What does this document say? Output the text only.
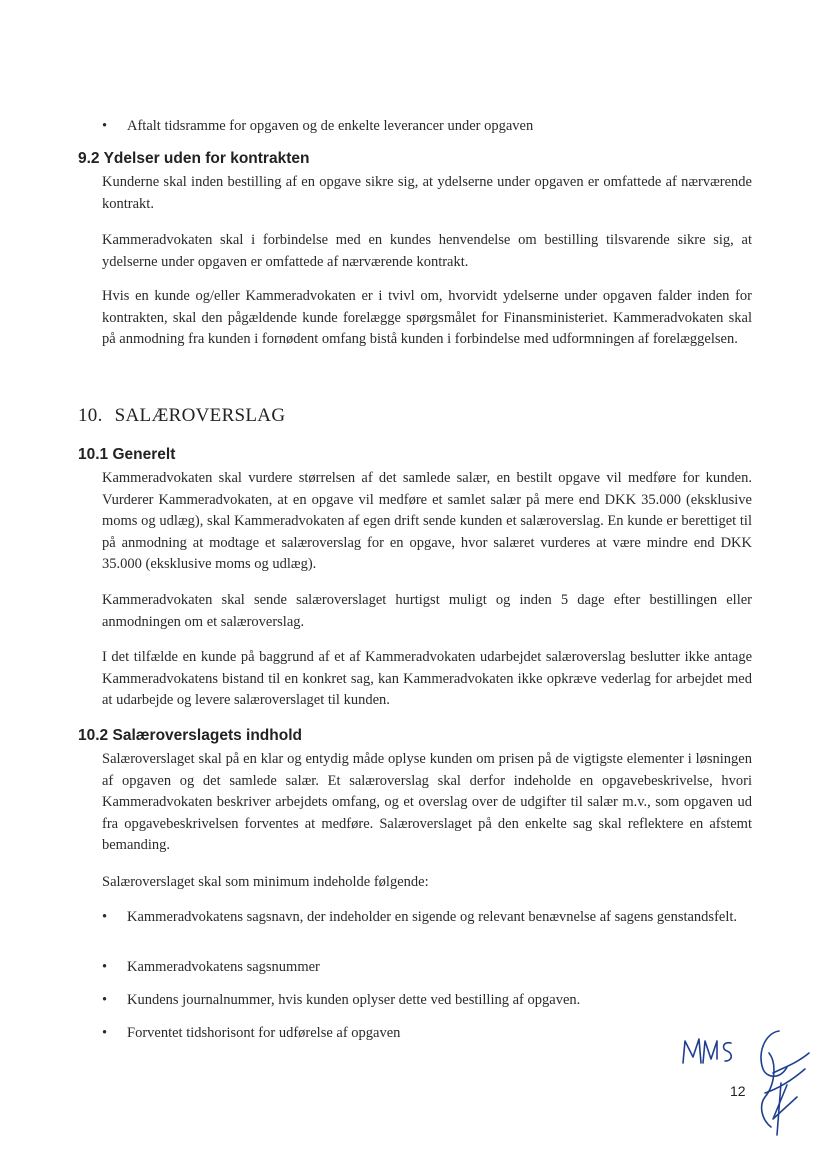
• Aftalt tidsramme for opgaven og de enkelte leverancer under opgaven
9.2 Ydelser uden for kontrakten

Kunderne skal inden bestilling af en opgave sikre sig, at ydelserne under opgaven er omfattede af nærværende kontrakt.

Kammeradvokaten skal i forbindelse med en kundes henvendelse om bestilling tilsvarende sikre sig, at ydelserne under opgaven er omfattede af nærværende kontrakt.

Hvis en kunde og/eller Kammeradvokaten er i tvivl om, hvorvidt ydelserne under opgaven falder inden for kontrakten, skal den pågældende kunde forelægge spørgsmålet for Finansministeriet. Kammeradvokaten skal på anmodning fra kunden i fornødent omfang bistå kunden i forbindelse med udformningen af forelæggelsen.

10. SALÆROVERSLAG
10.1 Generelt

Kammeradvokaten skal vurdere størrelsen af det samlede salær, en bestilt opgave vil medføre for kunden. Vurderer Kammeradvokaten, at en opgave vil medføre et samlet salær på mere end DKK 35.000 (eksklusive moms og udlæg), skal Kammeradvokaten af egen drift sende kunden et salæroverslag. En kunde er berettiget til på anmodning at modtage et salæroverslag for en opgave, hvor salæret vurderes at være mindre end DKK 35.000 (eksklusive moms og udlæg).

Kammeradvokaten skal sende salæroverslaget hurtigst muligt og inden 5 dage efter bestillingen eller anmodningen om et salæroverslag.

I det tilfælde en kunde på baggrund af et af Kammeradvokaten udarbejdet salæroverslag beslutter ikke antage Kammeradvokatens bistand til en konkret sag, kan Kammeradvokaten ikke opkræve vederlag for arbejdet med at udarbejde og levere salæroverslaget til kunden.

10.2 Salæroverslagets indhold

Salæroverslaget skal på en klar og entydig måde oplyse kunden om prisen på de vigtigste elementer i løsningen af opgaven og det samlede salær. Et salæroverslag skal derfor indeholde en opgavebeskrivelse, hvori Kammeradvokaten beskriver arbejdets omfang, og et overslag over de udgifter til salær m.v., som opgaven ud fra opgavebeskrivelsen forventes at medføre. Salæroverslaget på den enkelte sag skal reflektere en afstemt bemanding.

Salæroverslaget skal som minimum indeholde følgende:

• Kammeradvokatens sagsnavn, der indeholder en sigende og relevant benævnelse af sagens genstandsfelt.
• Kammeradvokatens sagsnummer
• Kundens journalnummer, hvis kunden oplyser dette ved bestilling af opgaven.
• Forventet tidshorisont for udførelse af opgaven
12
